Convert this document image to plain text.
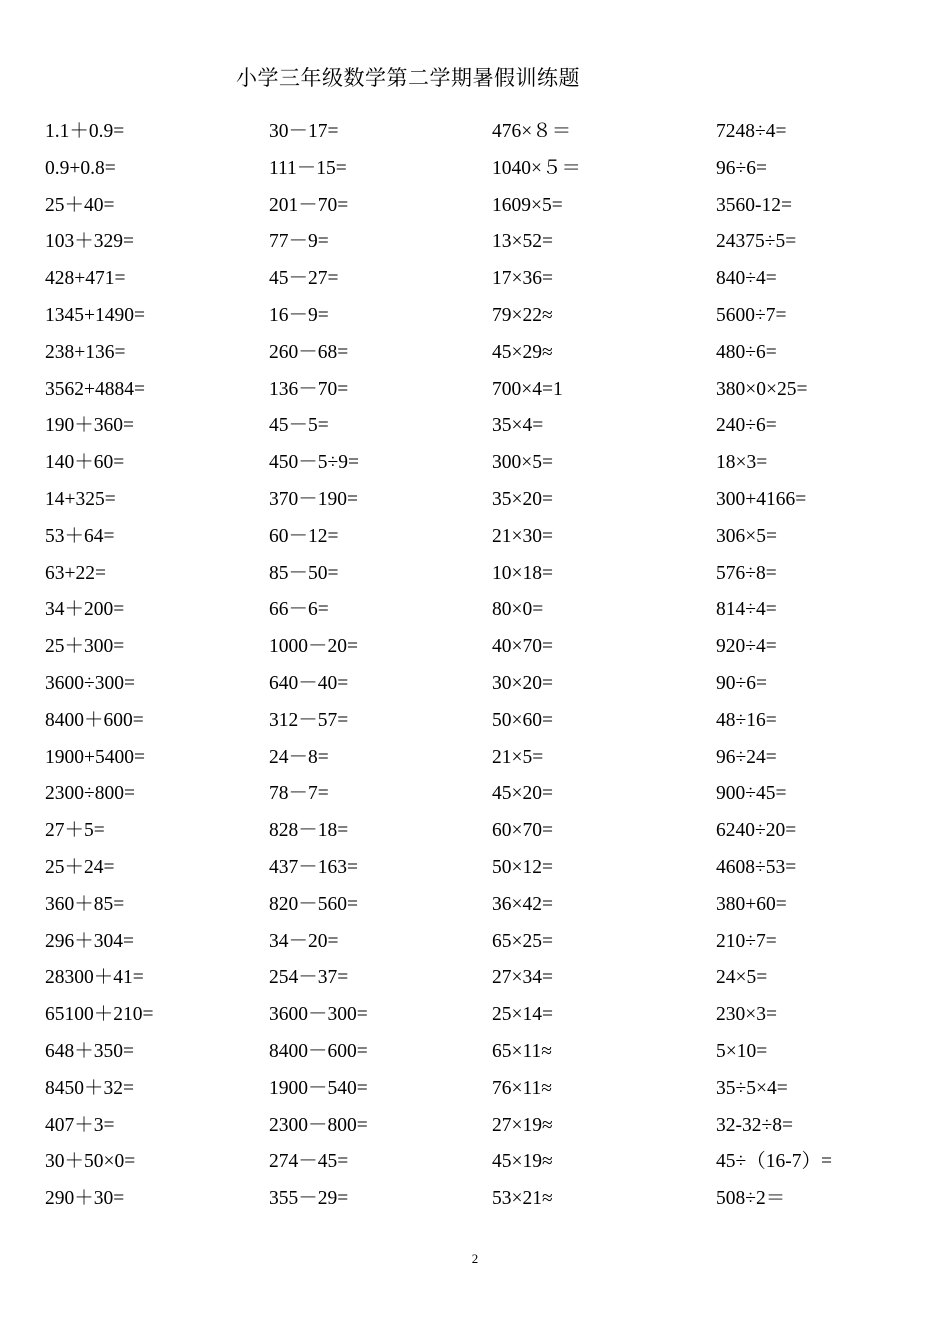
小学三年级数学第二学期暑假训练题
1.1＋0.9=
0.9+0.8=
25＋40=
103＋329=
428+471=
1345+1490=
238+136=
3562+4884=
190＋360=
140＋60=
14+325=
53＋64=
63+22=
34＋200=
25＋300=
3600÷300=
8400＋600=
1900+5400=
2300÷800=
27＋5=
25＋24=
360＋85=
296＋304=
28300＋41=
65100＋210=
648＋350=
8450＋32=
407＋3=
30＋50×0=
290＋30=
30－17=
111－15=
201－70=
77－9=
45－27=
16－9=
260－68=
136－70=
45－5=
450－5÷9=
370－190=
60－12=
85－50=
66－6=
1000－20=
640－40=
312－57=
24－8=
78－7=
828－18=
437－163=
820－560=
34－20=
254－37=
3600－300=
8400－600=
1900－540=
2300－800=
274－45=
355－29=
476×８＝
1040×５＝
1609×5=
13×52=
17×36=
79×22≈
45×29≈
700×4=1
35×4=
300×5=
35×20=
21×30=
10×18=
80×0=
40×70=
30×20=
50×60=
21×5=
45×20=
60×70=
50×12=
36×42=
65×25=
27×34=
25×14=
65×11≈
76×11≈
27×19≈
45×19≈
53×21≈
7248÷4=
96÷6=
3560-12=
24375÷5=
840÷4=
5600÷7=
480÷6=
380×0×25=
240÷6=
18×3=
300+4166=
306×5=
576÷8=
814÷4=
920÷4=
90÷6=
48÷16=
96÷24=
900÷45=
6240÷20=
4608÷53=
380+60=
210÷7=
24×5=
230×3=
5×10=
35÷5×4=
32-32÷8=
45÷（16-7）=
508÷2＝
2
